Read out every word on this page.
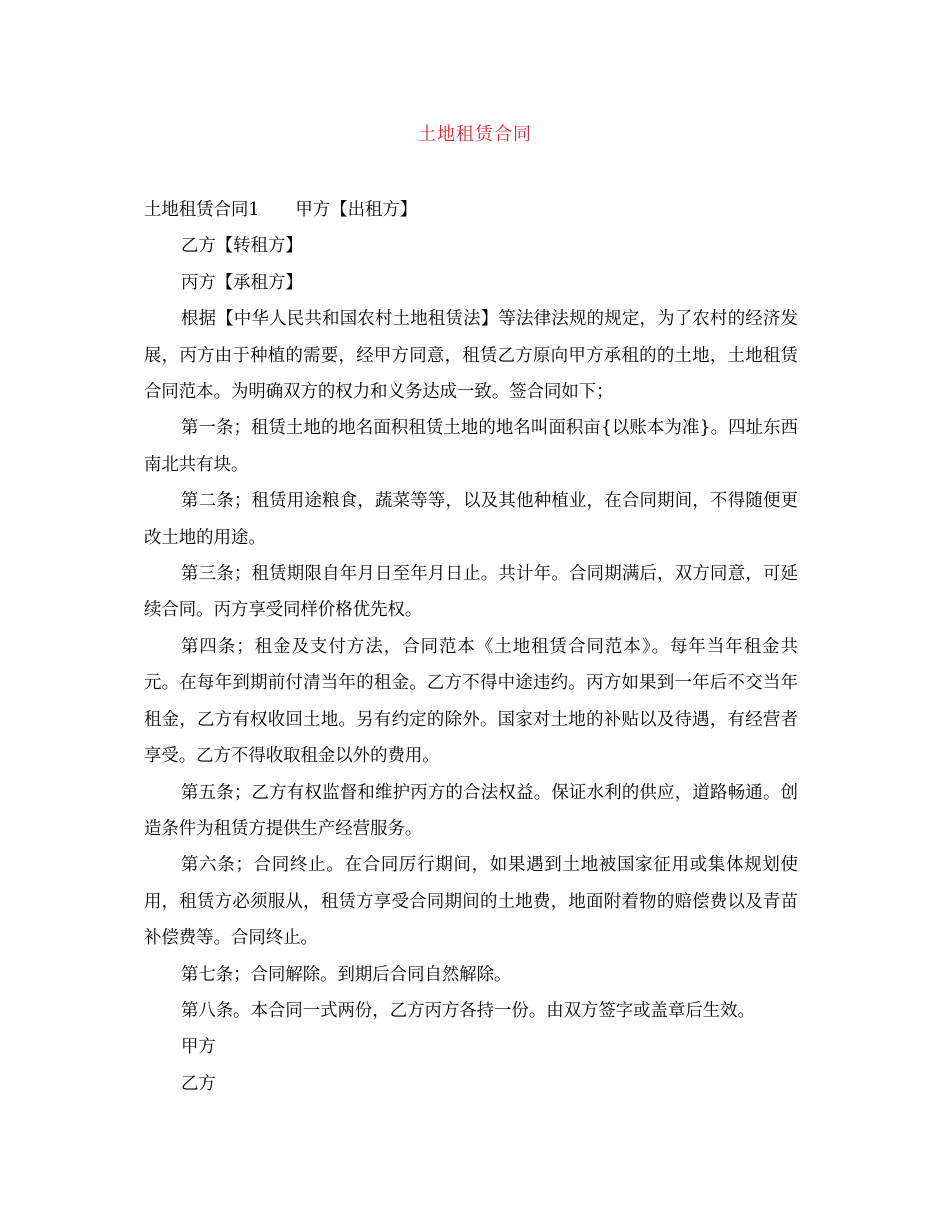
土地租赁合同

土地租赁合同1 甲方【出租方】

乙方【转租方】

丙方【承租方】

根据【中华人民共和国农村土地租赁法】等法律法规的规定，为了农村的经济发展，丙方由于种植的需要，经甲方同意，租赁乙方原向甲方承租的的土地，土地租赁合同范本。为明确双方的权力和义务达成一致。签合同如下；

第一条；租赁土地的地名面积租赁土地的地名叫面积亩{以账本为准}。四址东西南北共有块。

第二条；租赁用途粮食，蔬菜等等，以及其他种植业，在合同期间，不得随便更改土地的用途。

第三条；租赁期限自年月日至年月日止。共计年。合同期满后，双方同意，可延续合同。丙方享受同样价格优先权。

第四条；租金及支付方法，合同范本《土地租赁合同范本》。每年当年租金共元。在每年到期前付清当年的租金。乙方不得中途违约。丙方如果到一年后不交当年租金，乙方有权收回土地。另有约定的除外。国家对土地的补贴以及待遇，有经营者享受。乙方不得收取租金以外的费用。

第五条；乙方有权监督和维护丙方的合法权益。保证水利的供应，道路畅通。创造条件为租赁方提供生产经营服务。

第六条；合同终止。在合同厉行期间，如果遇到土地被国家征用或集体规划使用，租赁方必须服从，租赁方享受合同期间的土地费，地面附着物的赔偿费以及青苗补偿费等。合同终止。

第七条；合同解除。到期后合同自然解除。

第八条。本合同一式两份，乙方丙方各持一份。由双方签字或盖章后生效。

甲方

乙方
